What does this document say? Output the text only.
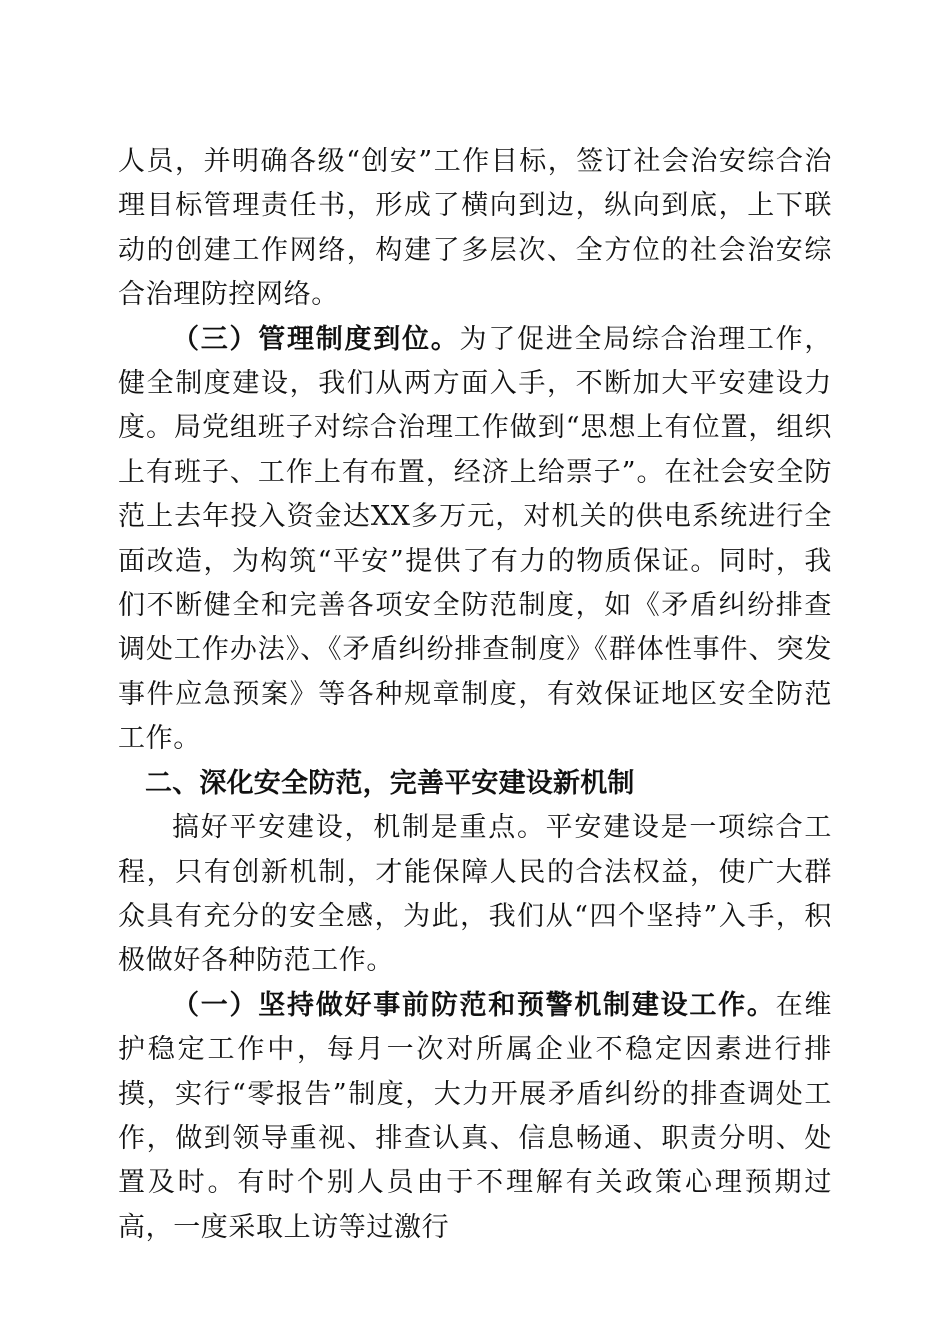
人员，并明确各级“创安”工作目标，签订社会治安综合治理目标管理责任书，形成了横向到边，纵向到底，上下联动的创建工作网络，构建了多层次、全方位的社会治安综合治理防控网络。

（三）管理制度到位。为了促进全局综合治理工作，健全制度建设，我们从两方面入手，不断加大平安建设力度。局党组班子对综合治理工作做到“思想上有位置，组织上有班子、工作上有布置，经济上给票子”。在社会安全防范上去年投入资金达XX多万元，对机关的供电系统进行全面改造，为构筑“平安”提供了有力的物质保证。同时，我们不断健全和完善各项安全防范制度，如《矛盾纠纷排查调处工作办法》、《矛盾纠纷排查制度》《群体性事件、突发事件应急预案》等各种规章制度，有效保证地区安全防范工作。

二、深化安全防范，完善平安建设新机制

搞好平安建设，机制是重点。平安建设是一项综合工程，只有创新机制，才能保障人民的合法权益，使广大群众具有充分的安全感，为此，我们从“四个坚持”入手，积极做好各种防范工作。

（一）坚持做好事前防范和预警机制建设工作。在维护稳定工作中，每月一次对所属企业不稳定因素进行排摸，实行“零报告”制度，大力开展矛盾纠纷的排查调处工作，做到领导重视、排查认真、信息畅通、职责分明、处置及时。有时个别人员由于不理解有关政策心理预期过高，一度采取上访等过激行
